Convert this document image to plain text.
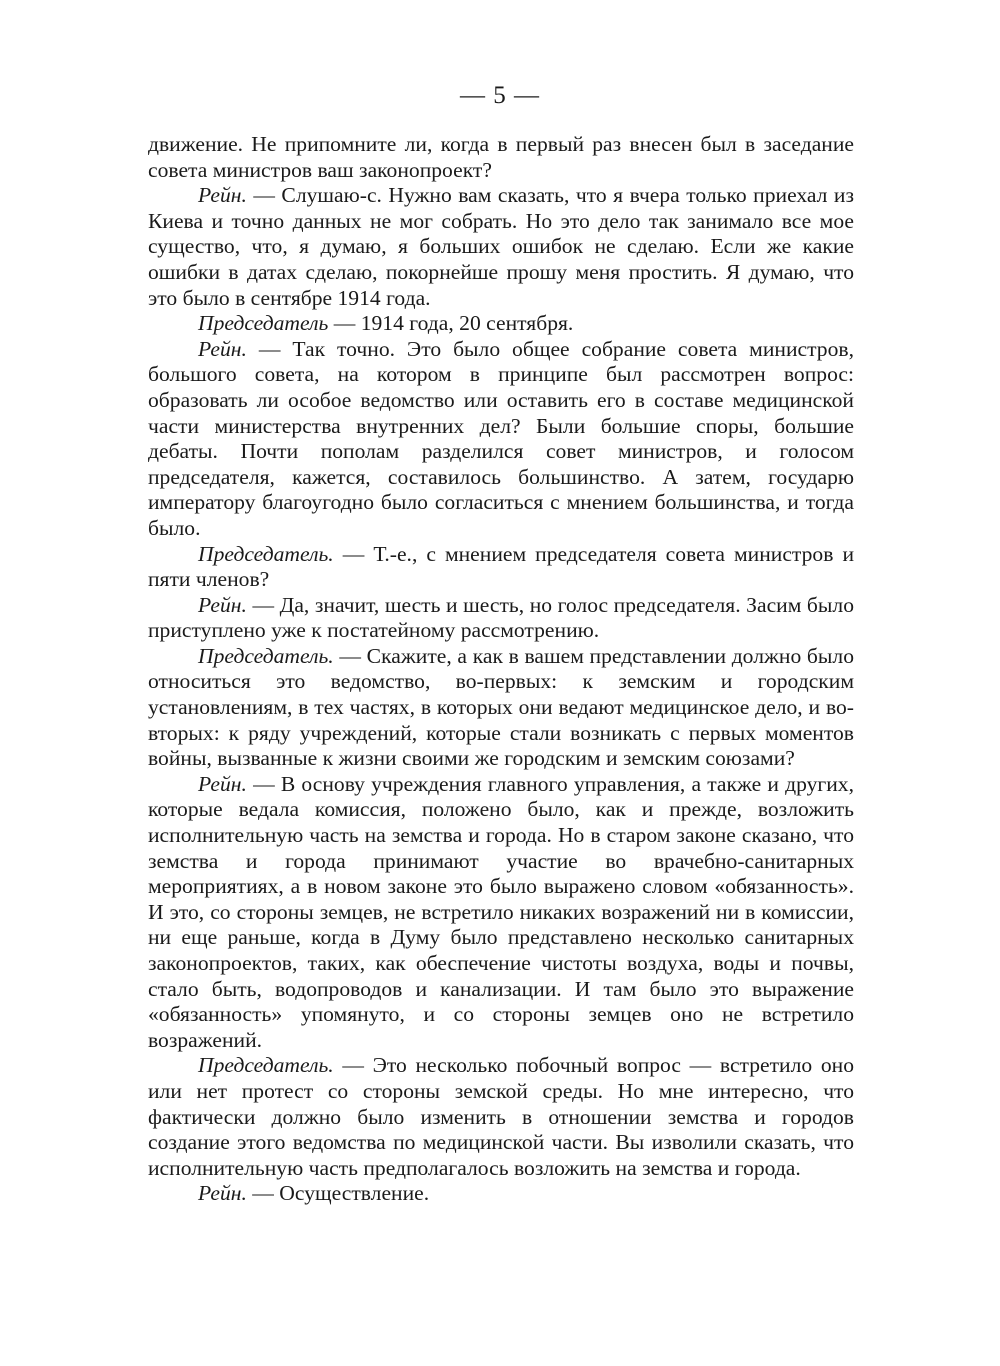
— 5 —

движение. Не припомните ли, когда в первый раз внесен был в заседание совета министров ваш законопроект?

Рейн. — Слушаю-с. Нужно вам сказать, что я вчера только приехал из Киева и точно данных не мог собрать. Но это дело так занимало все мое существо, что, я думаю, я больших ошибок не сделаю. Если же какие ошибки в датах сделаю, покорнейше прошу меня простить. Я думаю, что это было в сентябре 1914 года.

Председатель — 1914 года, 20 сентября.

Рейн. — Так точно. Это было общее собрание совета министров, большого совета, на котором в принципе был рассмотрен вопрос: образовать ли особое ведомство или оставить его в составе медицинской части министерства внутренних дел? Были большие споры, большие дебаты. Почти пополам разделился совет министров, и голосом председателя, кажется, составилось большинство. А затем, государю императору благоугодно было согласиться с мнением большинства, и тогда было.

Председатель. — Т.-е., с мнением председателя совета министров и пяти членов?

Рейн. — Да, значит, шесть и шесть, но голос председателя. Засим было приступлено уже к постатейному рассмотрению.

Председатель. — Скажите, а как в вашем представлении должно было относиться это ведомство, во-первых: к земским и городским установлениям, в тех частях, в которых они ведают медицинское дело, и во-вторых: к ряду учреждений, которые стали возникать с первых моментов войны, вызванные к жизни своими же городским и земским союзами?

Рейн. — В основу учреждения главного управления, а также и других, которые ведала комиссия, положено было, как и прежде, возложить исполнительную часть на земства и города. Но в старом законе сказано, что земства и города принимают участие во врачебно-санитарных мероприятиях, а в новом законе это было выражено словом «обязанность». И это, со стороны земцев, не встретило никаких возражений ни в комиссии, ни еще раньше, когда в Думу было представлено несколько санитарных законопроектов, таких, как обеспечение чистоты воздуха, воды и почвы, стало быть, водопроводов и канализации. И там было это выражение «обязанность» упомянуто, и со стороны земцев оно не встретило возражений.

Председатель. — Это несколько побочный вопрос — встретило оно или нет протест со стороны земской среды. Но мне интересно, что фактически должно было изменить в отношении земства и городов создание этого ведомства по медицинской части. Вы изволили сказать, что исполнительную часть предполагалось возложить на земства и города.

Рейн. — Осуществление.
